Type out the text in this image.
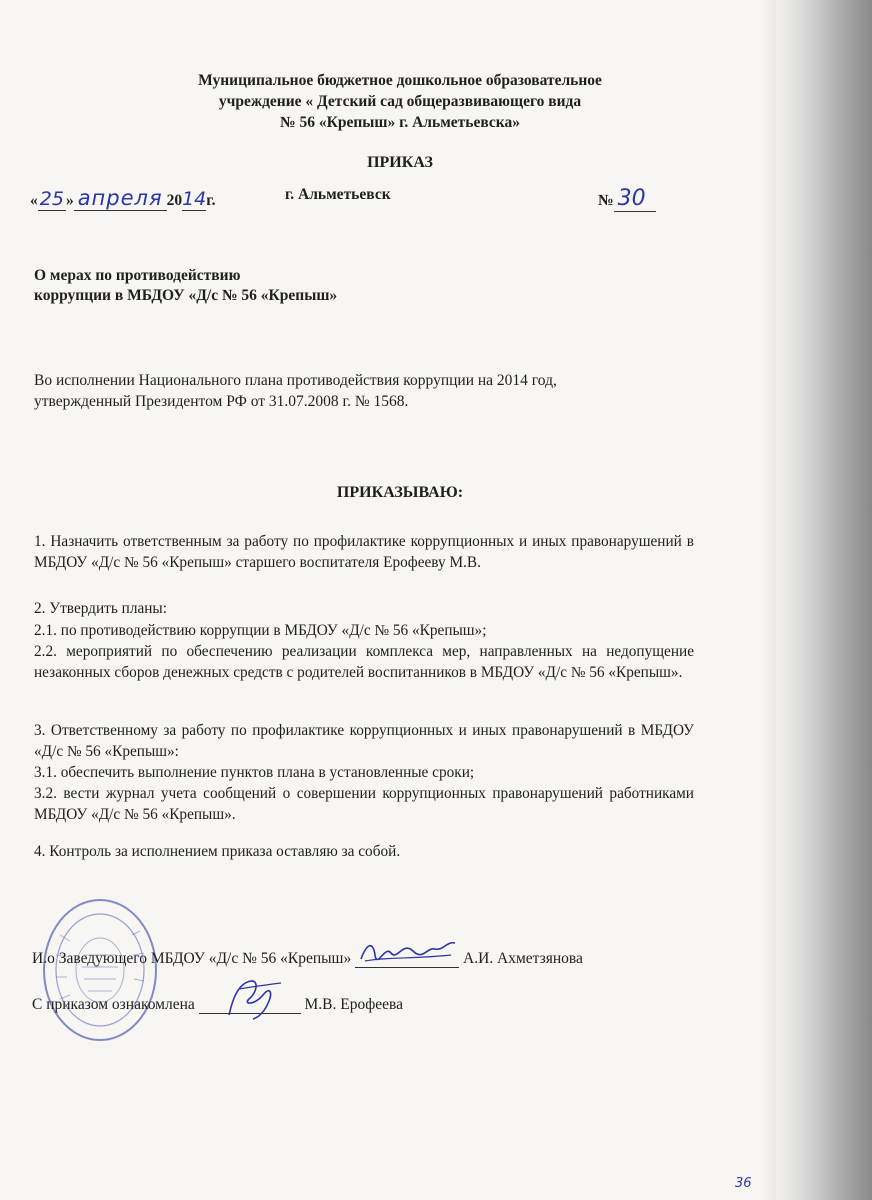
Муниципальное бюджетное дошкольное образовательное
учреждение « Детский сад общеразвивающего вида
№ 56 «Крепыш» г. Альметьевска»
ПРИКАЗ
« 25 » апреля 2014г.	г. Альметьевск	№ 30
О мерах по противодействию
коррупции в МБДОУ «Д/с № 56 «Крепыш»
Во исполнении Национального плана противодействия коррупции на 2014 год,
утвержденный Президентом РФ от 31.07.2008 г. № 1568.
ПРИКАЗЫВАЮ:
1. Назначить ответственным за работу по профилактике коррупционных и иных правонарушений в МБДОУ «Д/с № 56 «Крепыш» старшего воспитателя Ерофееву М.В.
2. Утвердить планы:
2.1. по противодействию коррупции в МБДОУ «Д/с № 56 «Крепыш»;
2.2. мероприятий по обеспечению реализации комплекса мер, направленных на недопущение незаконных сборов денежных средств с родителей воспитанников в МБДОУ «Д/с № 56 «Крепыш».
3. Ответственному за работу по профилактике коррупционных и иных правонарушений в МБДОУ «Д/с № 56 «Крепыш»:
3.1. обеспечить выполнение пунктов плана в установленные сроки;
3.2. вести журнал учета сообщений о совершении коррупционных правонарушений работниками МБДОУ «Д/с № 56 «Крепыш».
4. Контроль за исполнением приказа оставляю за собой.
И.о Заведующего МБДОУ «Д/с № 56 «Крепыш»	А.И. Ахметзянова
С приказом ознакомлена	М.В. Ерофеева
36
